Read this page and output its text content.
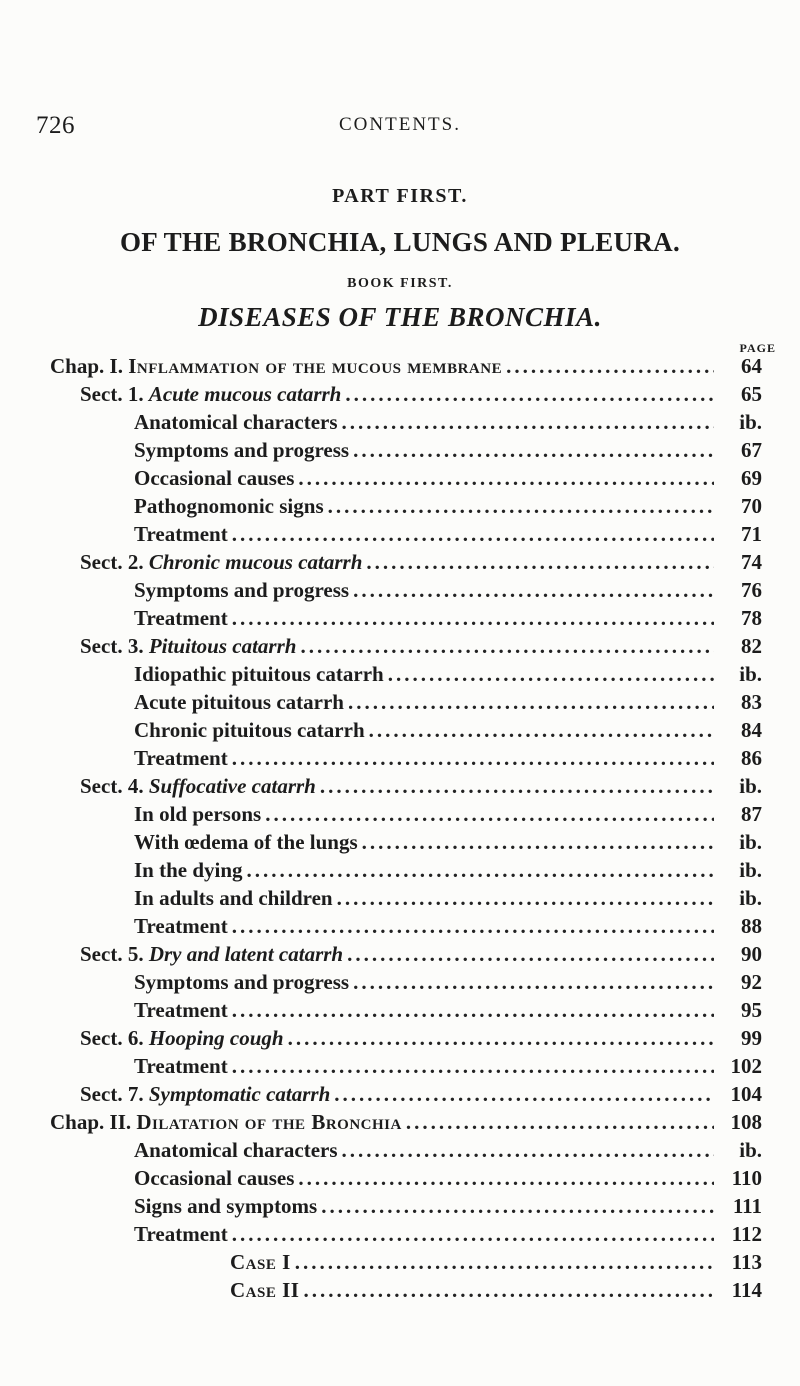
726	CONTENTS.
PART FIRST.
OF THE BRONCHIA, LUNGS AND PLEURA.
BOOK FIRST.
DISEASES OF THE BRONCHIA.
PAGE
Chap. I. Inflammation of the mucous membrane .....	64
Sect. 1. Acute mucous catarrh .....	65
Anatomical characters .....	ib.
Symptoms and progress .....	67
Occasional causes .....	69
Pathognomonic signs .....	70
Treatment .....	71
Sect. 2. Chronic mucous catarrh .....	74
Symptoms and progress .....	76
Treatment .....	78
Sect. 3. Pituitous catarrh .....	82
Idiopathic pituitous catarrh .....	ib.
Acute pituitous catarrh .....	83
Chronic pituitous catarrh .....	84
Treatment .....	86
Sect. 4. Suffocative catarrh .....	ib.
In old persons .....	87
With œdema of the lungs .....	ib.
In the dying .....	ib.
In adults and children .....	ib.
Treatment .....	88
Sect. 5. Dry and latent catarrh .....	90
Symptoms and progress .....	92
Treatment .....	95
Sect. 6. Hooping cough .....	99
Treatment .....	102
Sect. 7. Symptomatic catarrh .....	104
Chap. II. Dilatation of the Bronchia .....	108
Anatomical characters .....	ib.
Occasional causes .....	110
Signs and symptoms .....	111
Treatment .....	112
Case I .....	113
Case II .....	114
